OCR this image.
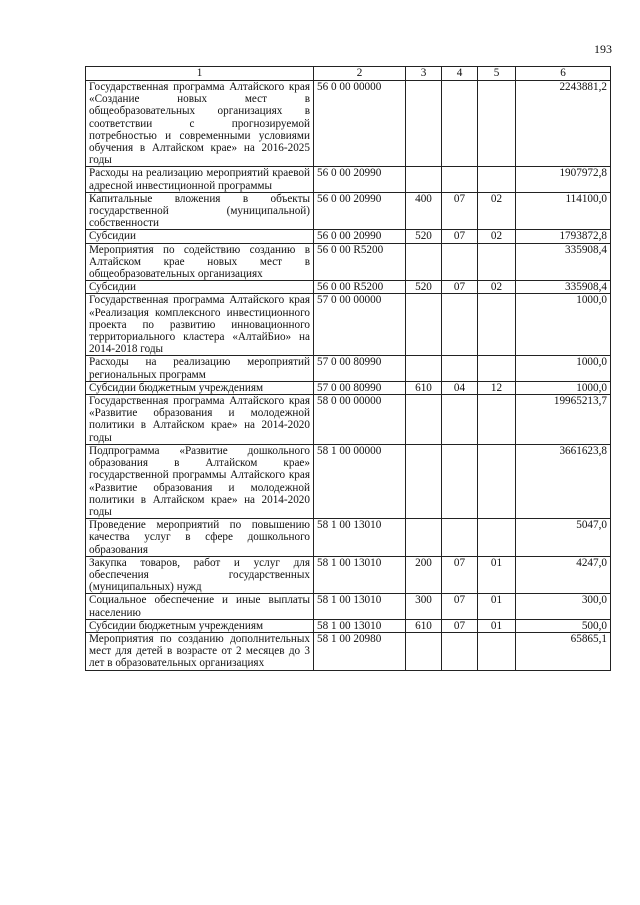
193
1	2	3	4	5	6
Государственная программа Алтайского края «Создание новых мест в общеобразовательных организациях в соответствии с прогнозируемой потребностью и современными условиями обучения в Алтайском крае» на 2016-2025 годы	56 0 00 00000				2243881,2
Расходы на реализацию мероприятий краевой адресной инвестиционной программы	56 0 00 20990				1907972,8
Капитальные вложения в объекты государственной (муниципальной) собственности	56 0 00 20990	400	07	02	114100,0
Субсидии	56 0 00 20990	520	07	02	1793872,8
Мероприятия по содействию созданию в Алтайском крае новых мест в общеобразовательных организациях	56 0 00 R5200				335908,4
Субсидии	56 0 00 R5200	520	07	02	335908,4
Государственная программа Алтайского края «Реализация комплексного инвестиционного проекта по развитию инновационного территориального кластера «АлтайБио» на 2014-2018 годы	57 0 00 00000				1000,0
Расходы на реализацию мероприятий региональных программ	57 0 00 80990				1000,0
Субсидии бюджетным учреждениям	57 0 00 80990	610	04	12	1000,0
Государственная программа Алтайского края «Развитие образования и молодежной политики в Алтайском крае» на 2014-2020 годы	58 0 00 00000				19965213,7
Подпрограмма «Развитие дошкольного образования в Алтайском крае» государственной программы Алтайского края «Развитие образования и молодежной политики в Алтайском крае» на 2014-2020 годы	58 1 00 00000				3661623,8
Проведение мероприятий по повышению качества услуг в сфере дошкольного образования	58 1 00 13010				5047,0
Закупка товаров, работ и услуг для обеспечения государственных (муниципальных) нужд	58 1 00 13010	200	07	01	4247,0
Социальное обеспечение и иные выплаты населению	58 1 00 13010	300	07	01	300,0
Субсидии бюджетным учреждениям	58 1 00 13010	610	07	01	500,0
Мероприятия по созданию дополнительных мест для детей в возрасте от 2 месяцев до 3 лет в образовательных организациях	58 1 00 20980				65865,1
